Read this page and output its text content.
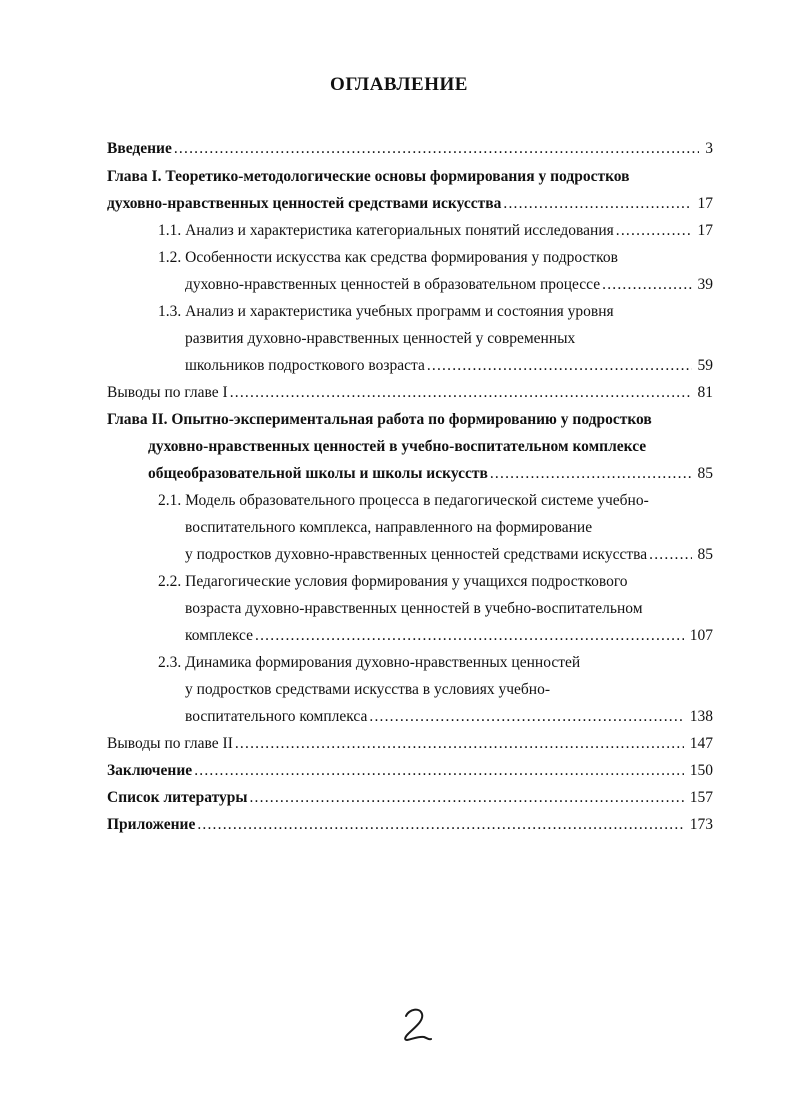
ОГЛАВЛЕНИЕ
Введение .....	3
Глава I. Теоретико-методологические основы формирования у подростков
духовно-нравственных ценностей средствами искусства .....	17
1.1. Анализ и характеристика категориальных понятий исследования .....	17
1.2. Особенности искусства как средства формирования у подростков
духовно-нравственных ценностей в образовательном процессе .....	39
1.3. Анализ и характеристика учебных программ и состояния уровня
развития духовно-нравственных ценностей у современных
школьников подросткового возраста .....	59
Выводы по главе I .....	81
Глава II. Опытно-экспериментальная работа по формированию у подростков
духовно-нравственных ценностей в учебно-воспитательном комплексе
общеобразовательной школы и школы искусств .....	85
2.1. Модель образовательного процесса в педагогической системе учебно-
воспитательного комплекса, направленного на формирование
у подростков духовно-нравственных ценностей средствами искусства .....	85
2.2. Педагогические условия формирования у учащихся подросткового
возраста духовно-нравственных ценностей в учебно-воспитательном
комплексе .....	107
2.3. Динамика формирования духовно-нравственных ценностей
у подростков средствами искусства в условиях учебно-
воспитательного комплекса .....	138
Выводы по главе II .....	147
Заключение .....	150
Список литературы .....	157
Приложение .....	173
